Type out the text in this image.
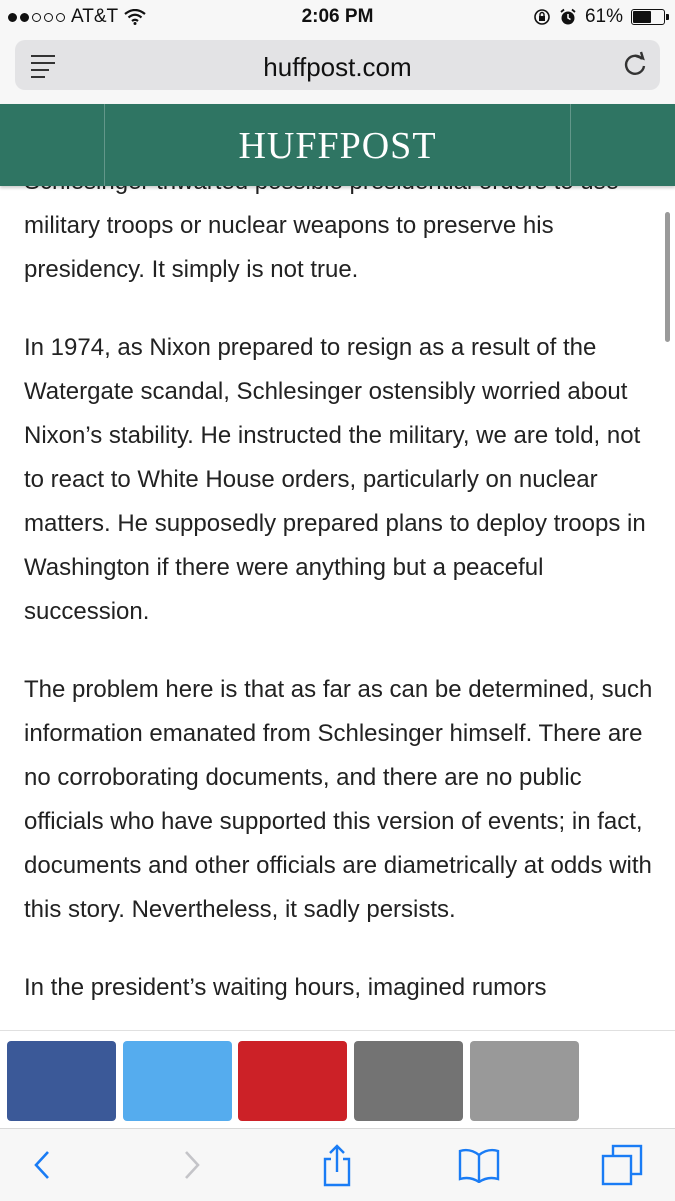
AT&T	2:06 PM	61%
huffpost.com
HUFFPOST

military troops or nuclear weapons to preserve his presidency. It simply is not true.

In 1974, as Nixon prepared to resign as a result of the Watergate scandal, Schlesinger ostensibly worried about Nixon’s stability. He instructed the military, we are told, not to react to White House orders, particularly on nuclear matters. He supposedly prepared plans to deploy troops in Washington if there were anything but a peaceful succession.

The problem here is that as far as can be determined, such information emanated from Schlesinger himself. There are no corroborating documents, and there are no public officials who have supported this version of events; in fact, documents and other officials are diametrically at odds with this story. Nevertheless, it sadly persists.

In the president’s waiting hours, imagined rumors
